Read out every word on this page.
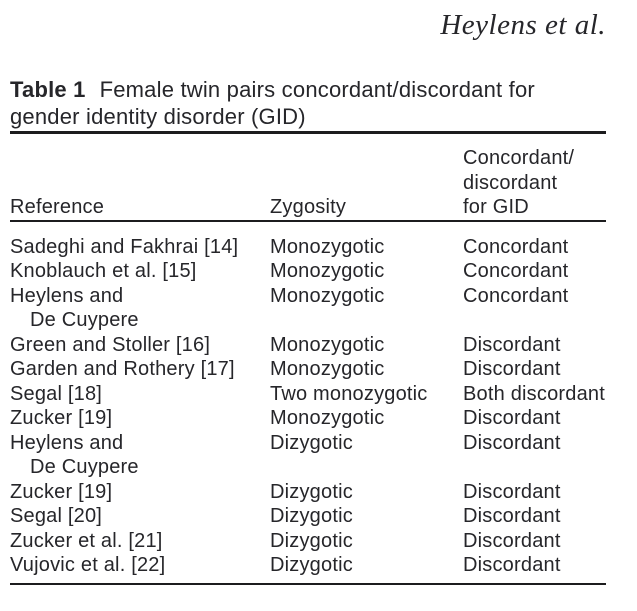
Heylens et al.
Table 1 Female twin pairs concordant/discordant for
gender identity disorder (GID)
Reference	Zygosity	Concordant/
discordant
for GID

Sadeghi and Fakhrai [14]	Monozygotic	Concordant
Knoblauch et al. [15]	Monozygotic	Concordant

Heylens and
De Cuypere	Monozygotic	Concordant
Green and Stoller [16]	Monozygotic	Discordant
Garden and Rothery [17]	Monozygotic	Discordant
Segal [18]	Two monozygotic	Both discordant
Zucker [19]	Monozygotic	Discordant

Heylens and
De Cuypere	Dizygotic	Discordant
Zucker [19]	Dizygotic	Discordant
Segal [20]	Dizygotic	Discordant
Zucker et al. [21]	Dizygotic	Discordant
Vujovic et al. [22]	Dizygotic	Discordant
